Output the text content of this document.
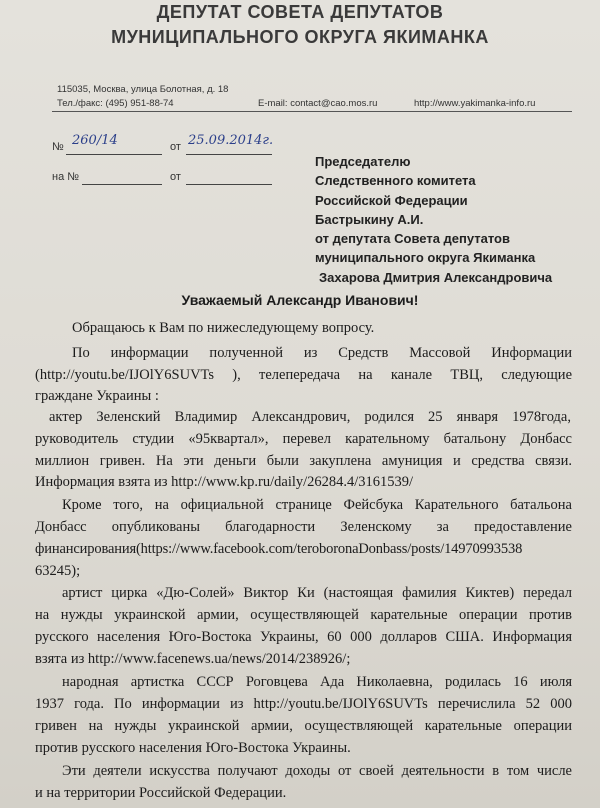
ДЕПУТАТ СОВЕТА ДЕПУТАТОВ
МУНИЦИПАЛЬНОГО ОКРУГА ЯКИМАНКА
115035, Москва, улица Болотная, д. 18
Тел./факс: (495) 951-88-74	E-mail: contact@cao.mos.ru	http://www.yakimanka-info.ru
№ 260/14	от 25.09.2014г.
на №	от
Председателю
Следственного комитета
Российской Федерации
Бастрыкину А.И.
от депутата Совета депутатов
муниципального округа Якиманка
Захарова Дмитрия Александровича
Уважаемый Александр Иванович!
Обращаюсь к Вам по нижеследующему вопросу.
По информации полученной из Средств Массовой Информации
(http://youtu.be/IJOlY6SUVTs ), телепередача на канале ТВЦ, следующие
граждане Украины :
актер Зеленский Владимир Александрович, родился 25 января 1978года,
руководитель студии «95квартал», перевел карательному батальону Донбасс
миллион гривен. На эти деньги были закуплена амуниция и средства связи.
Информация взята из http://www.kp.ru/daily/26284.4/3161539/
Кроме того, на официальной странице Фейсбука Карательного батальона
Донбасс опубликованы благодарности Зеленскому за предоставление
финансирования(https://www.facebook.com/teroboronaDonbass/posts/14970993538
63245);
артист цирка «Дю-Солей» Виктор Ки (настоящая фамилия Киктев) передал
на нужды украинской армии, осуществляющей карательные операции против
русского населения Юго-Востока Украины, 60 000 долларов США. Информация
взята из http://www.facenews.ua/news/2014/238926/;
народная артистка СССР Роговцева Ада Николаевна, родилась 16 июля
1937 года. По информации из http://youtu.be/IJOlY6SUVTs перечислила 52 000
гривен на нужды украинской армии, осуществляющей карательные операции
против русского населения Юго-Востока Украины.
Эти деятели искусства получают доходы от своей деятельности в том числе
и на территории Российской Федерации.
